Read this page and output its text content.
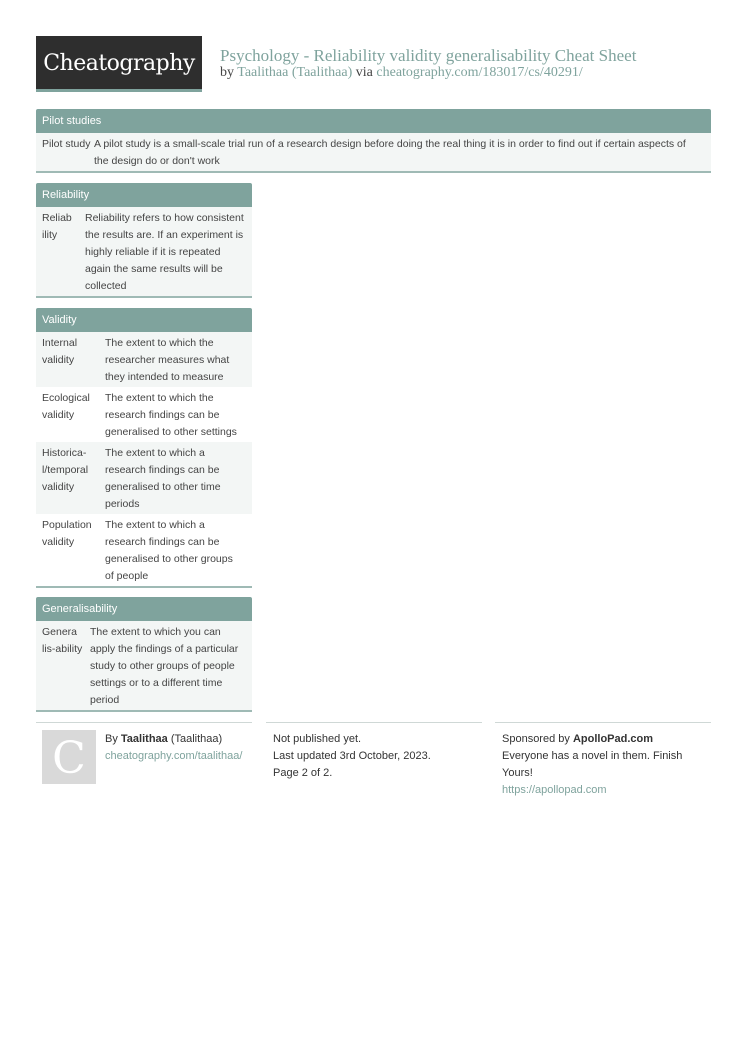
Cheatography	Psychology - Reliability validity generalisability Cheat Sheet
by Taalithaa (Taalithaa) via cheatography.com/183017/cs/40291/
Pilot studies
Pilot study A pilot study is a small-scale trial run of a research design before doing the real thing it is in order to find out if certain aspects of the design do or don't work
Reliability
Reliab ility
Reliability refers to how consistent the results are. If an experiment is highly reliable if it is repeated again the same results will be collected
Validity
Internal validity
The extent to which the researcher measures what they intended to measure
Ecological validity
The extent to which the research findings can be generalised to other settings
Historica-l/temporal validity
The extent to which a research findings can be generalised to other time periods
Population validity
The extent to which a research findings can be generalised to other groups of people
Generalisability
Genera lis-ability
The extent to which you can apply the findings of a particular study to other groups of people settings or to a different time period
C	By Taalithaa (Taalithaa)
cheatography.com/taalithaa/
Not published yet.
Last updated 3rd October, 2023.
Page 2 of 2.
Sponsored by ApolloPad.com
Everyone has a novel in them. Finish Yours!
https://apollopad.com
